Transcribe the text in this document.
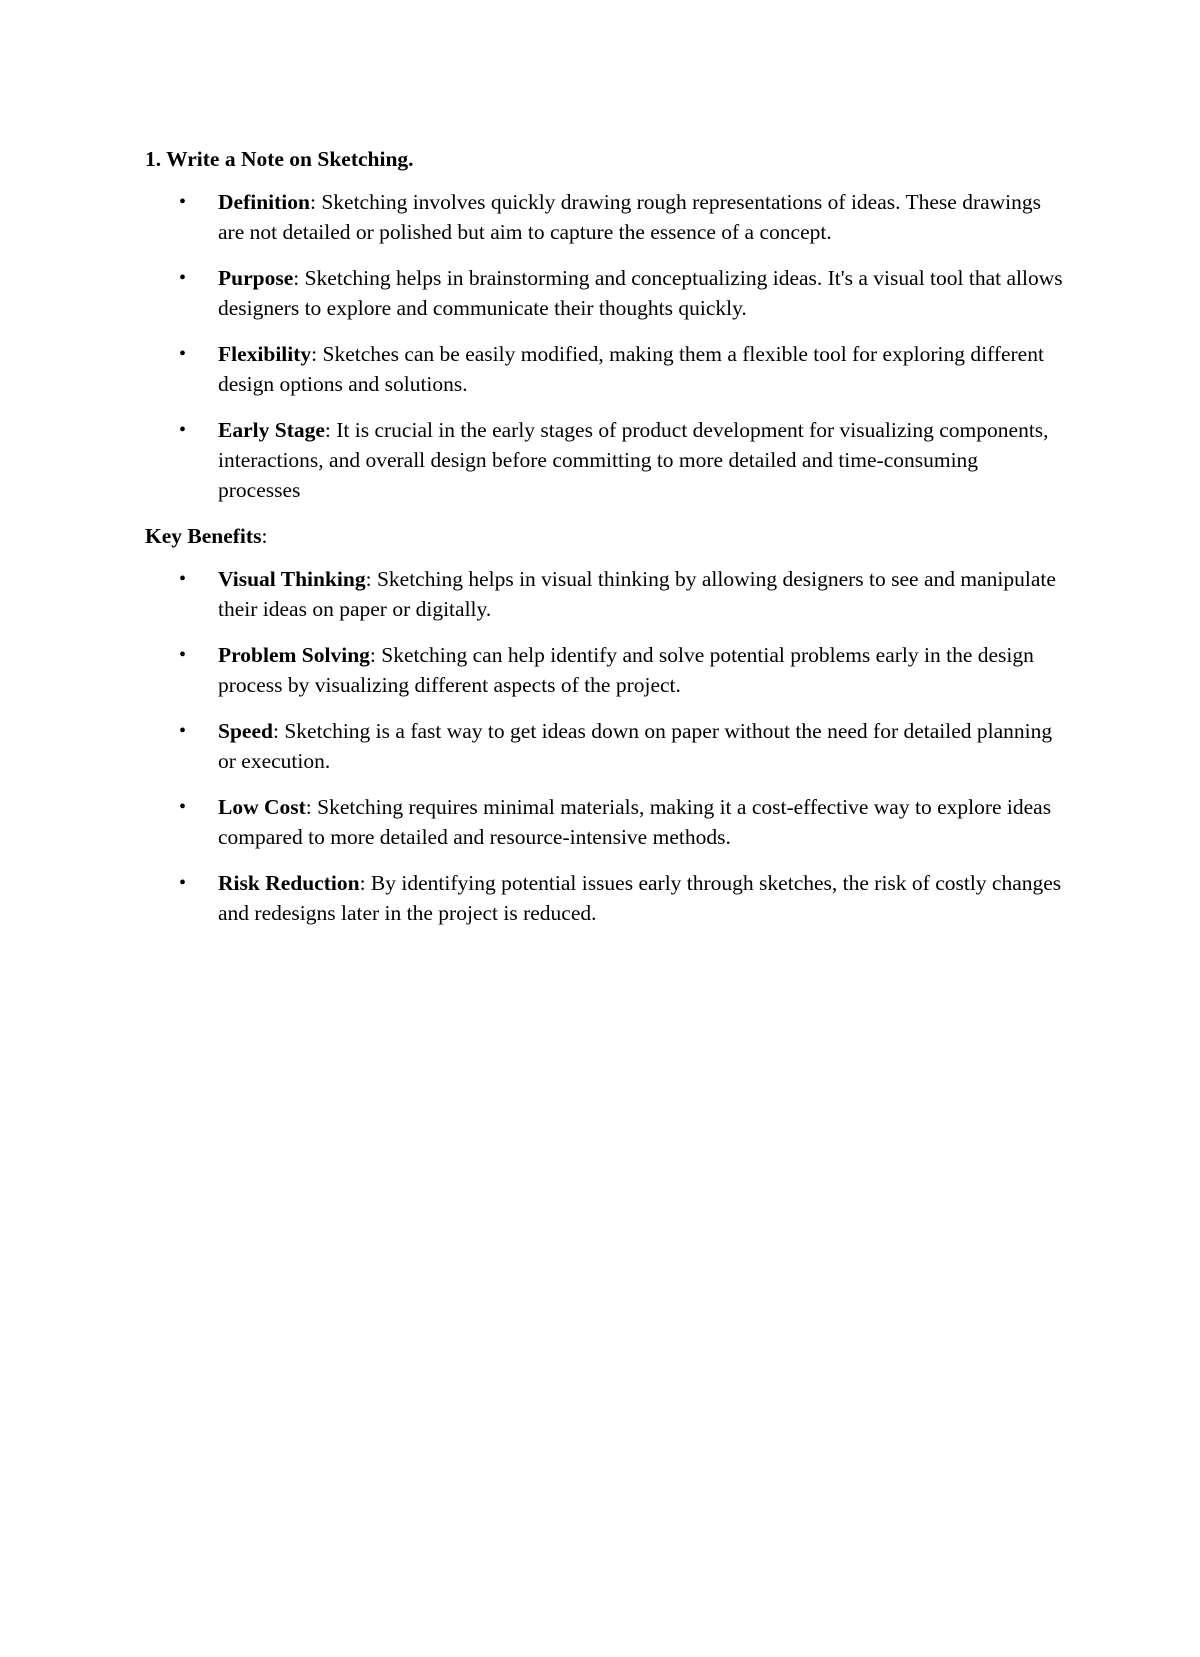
1. Write a Note on Sketching.
• Definition: Sketching involves quickly drawing rough representations of ideas. These drawings are not detailed or polished but aim to capture the essence of a concept.
• Purpose: Sketching helps in brainstorming and conceptualizing ideas. It's a visual tool that allows designers to explore and communicate their thoughts quickly.
• Flexibility: Sketches can be easily modified, making them a flexible tool for exploring different design options and solutions.
• Early Stage: It is crucial in the early stages of product development for visualizing components, interactions, and overall design before committing to more detailed and time-consuming processes
Key Benefits:
• Visual Thinking: Sketching helps in visual thinking by allowing designers to see and manipulate their ideas on paper or digitally.
• Problem Solving: Sketching can help identify and solve potential problems early in the design process by visualizing different aspects of the project.
• Speed: Sketching is a fast way to get ideas down on paper without the need for detailed planning or execution.
• Low Cost: Sketching requires minimal materials, making it a cost-effective way to explore ideas compared to more detailed and resource-intensive methods.
• Risk Reduction: By identifying potential issues early through sketches, the risk of costly changes and redesigns later in the project is reduced.
